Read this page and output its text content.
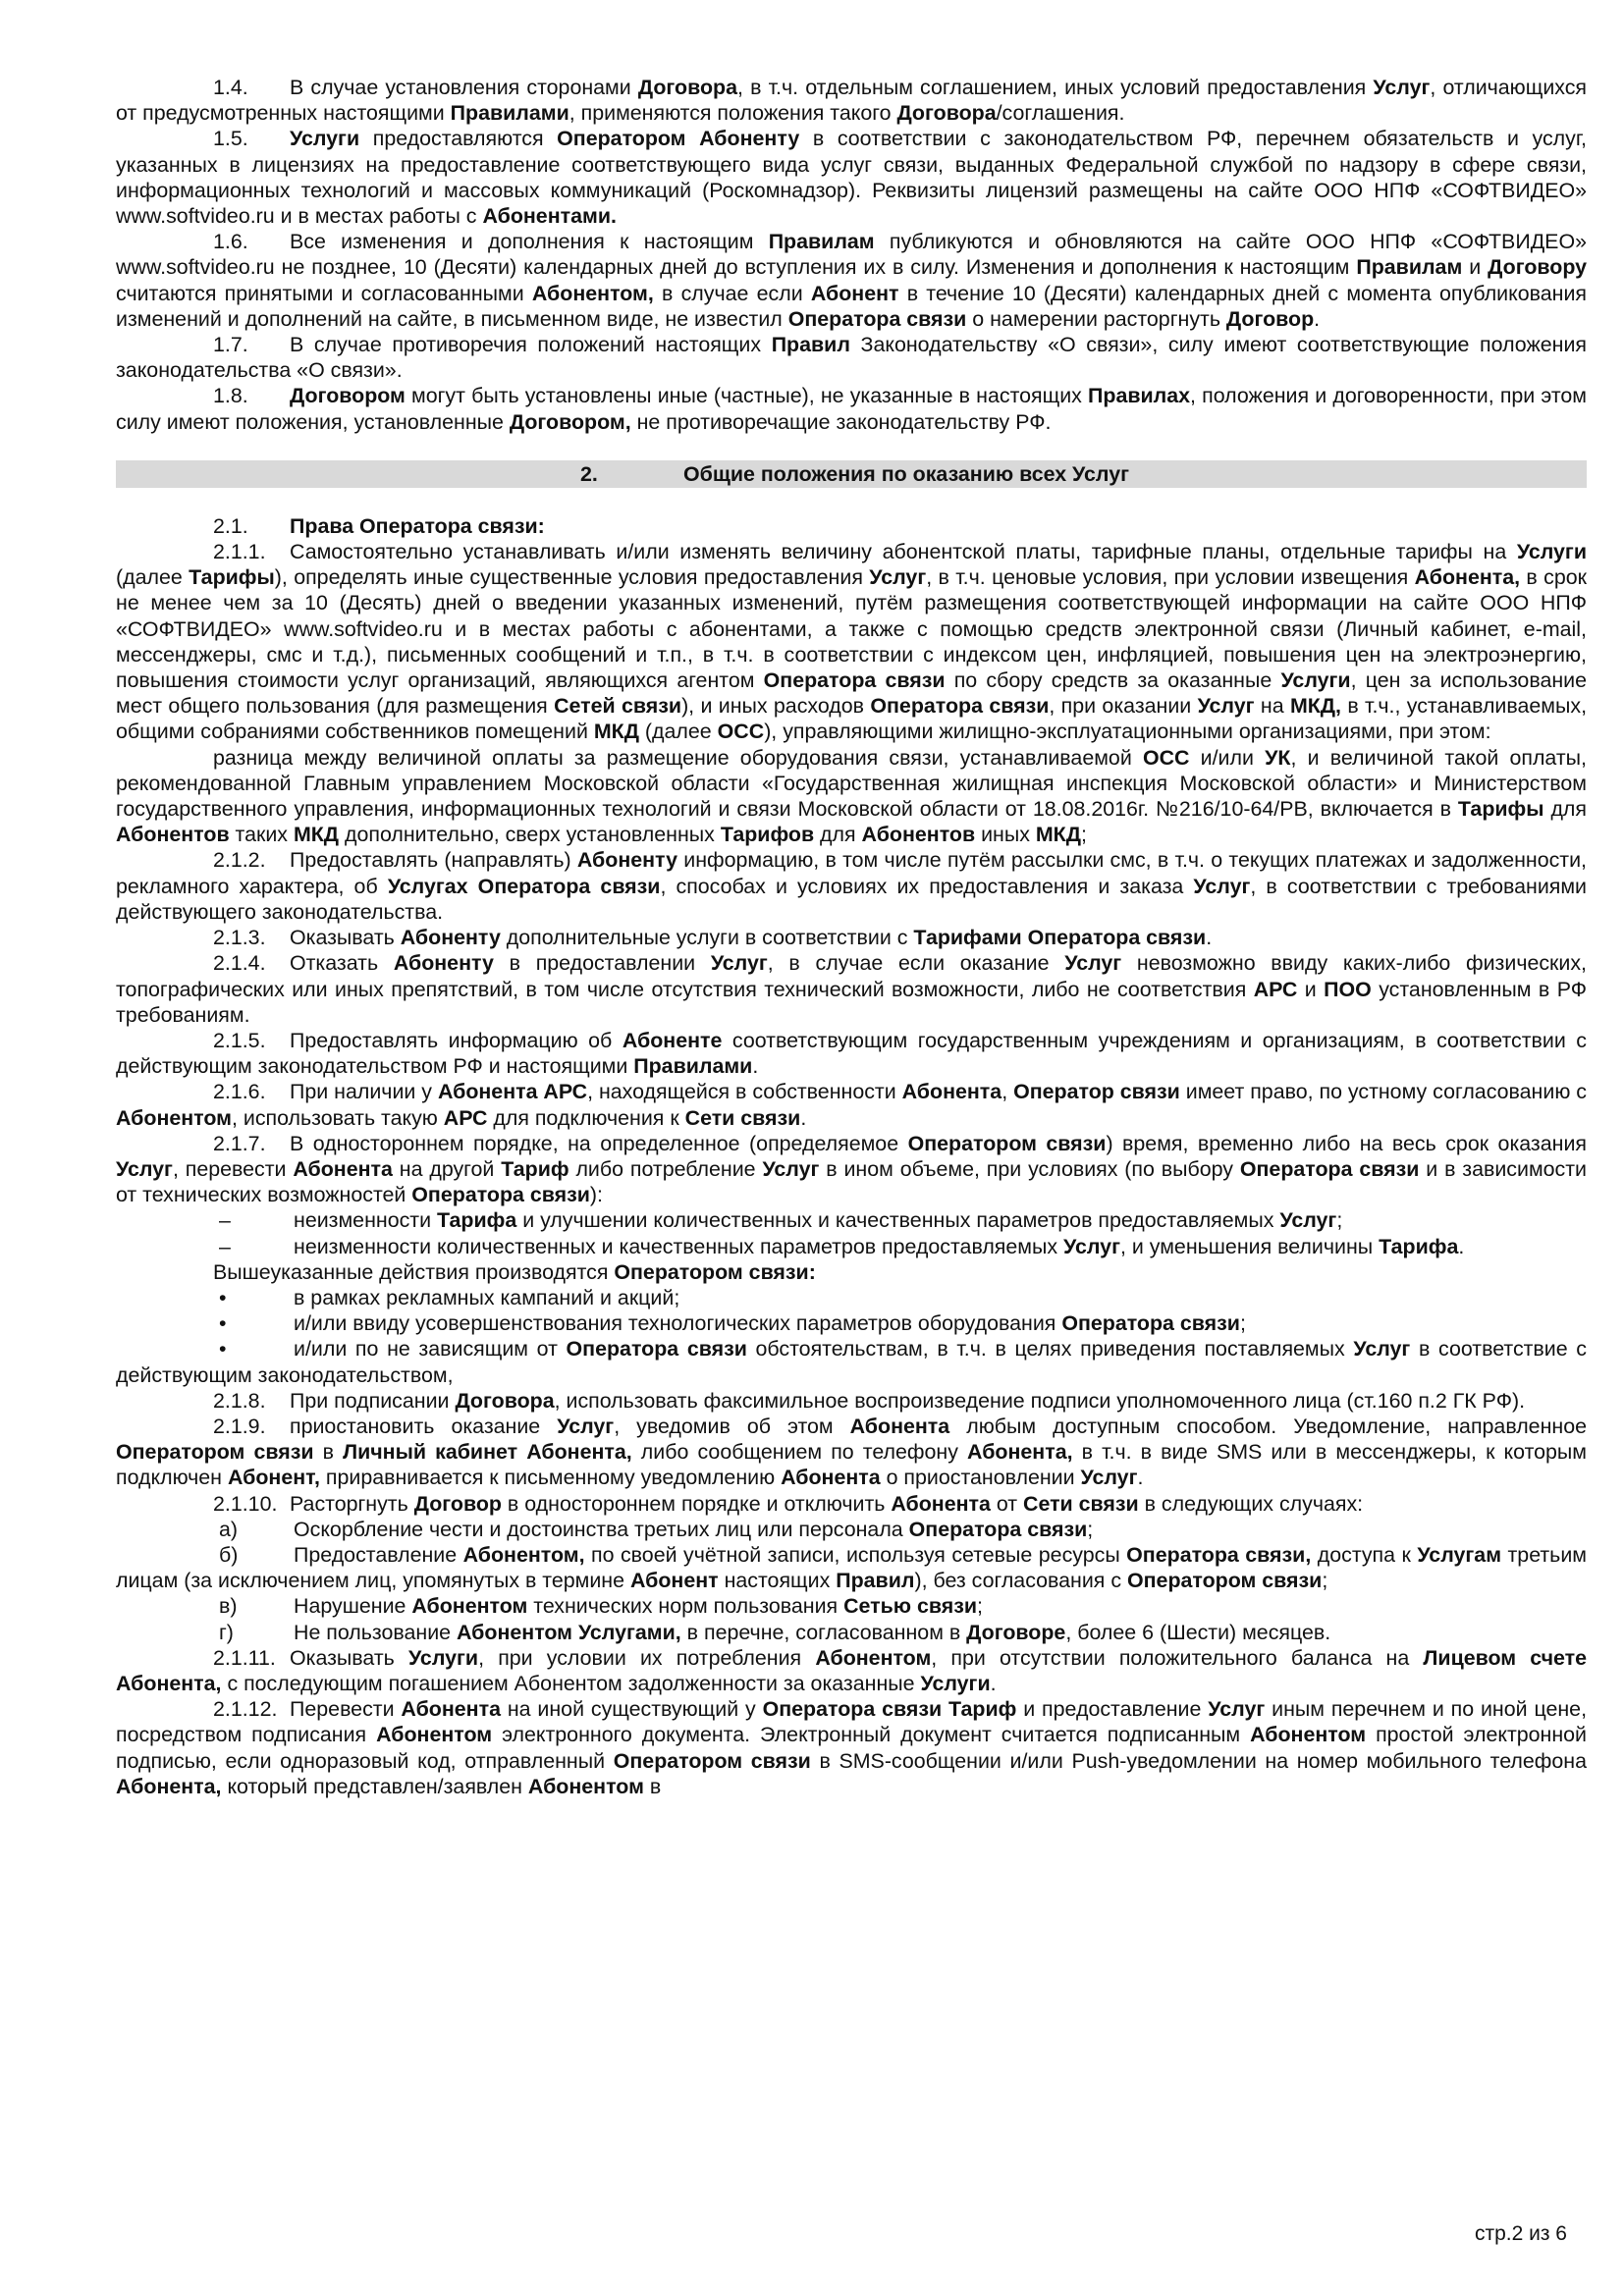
1.4. В случае установления сторонами Договора, в т.ч. отдельным соглашением, иных условий предоставления Услуг, отличающихся от предусмотренных настоящими Правилами, применяются положения такого Договора/соглашения.

1.5. Услуги предоставляются Оператором Абоненту в соответствии с законодательством РФ, перечнем обязательств и услуг, указанных в лицензиях на предоставление соответствующего вида услуг связи, выданных Федеральной службой по надзору в сфере связи, информационных технологий и массовых коммуникаций (Роскомнадзор). Реквизиты лицензий размещены на сайте ООО НПФ «СОФТВИДЕО» www.softvideo.ru и в местах работы с Абонентами.

1.6. Все изменения и дополнения к настоящим Правилам публикуются и обновляются на сайте ООО НПФ «СОФТВИДЕО» www.softvideo.ru не позднее, 10 (Десяти) календарных дней до вступления их в силу. Изменения и дополнения к настоящим Правилам и Договору считаются принятыми и согласованными Абонентом, в случае если Абонент в течение 10 (Десяти) календарных дней с момента опубликования изменений и дополнений на сайте, в письменном виде, не известил Оператора связи о намерении расторгнуть Договор.

1.7. В случае противоречия положений настоящих Правил Законодательству «О связи», силу имеют соответствующие положения законодательства «О связи».

1.8. Договором могут быть установлены иные (частные), не указанные в настоящих Правилах, положения и договоренности, при этом силу имеют положения, установленные Договором, не противоречащие законодательству РФ.

2.	Общие положения по оказанию всех Услуг

2.1. Права Оператора связи:

2.1.1. Самостоятельно устанавливать и/или изменять величину абонентской платы, тарифные планы, отдельные тарифы на Услуги (далее Тарифы), определять иные существенные условия предоставления Услуг, в т.ч. ценовые условия, при условии извещения Абонента, в срок не менее чем за 10 (Десять) дней о введении указанных изменений, путём размещения соответствующей информации на сайте ООО НПФ «СОФТВИДЕО» www.softvideo.ru и в местах работы с абонентами, а также с помощью средств электронной связи (Личный кабинет, e-mail, мессенджеры, смс и т.д.), письменных сообщений и т.п., в т.ч. в соответствии с индексом цен, инфляцией, повышения цен на электроэнергию, повышения стоимости услуг организаций, являющихся агентом Оператора связи по сбору средств за оказанные Услуги, цен за использование мест общего пользования (для размещения Сетей связи), и иных расходов Оператора связи, при оказании Услуг на МКД, в т.ч., устанавливаемых, общими собраниями собственников помещений МКД (далее ОСС), управляющими жилищно-эксплуатационными организациями, при этом:

разница между величиной оплаты за размещение оборудования связи, устанавливаемой ОСС и/или УК, и величиной такой оплаты, рекомендованной Главным управлением Московской области «Государственная жилищная инспекция Московской области» и Министерством государственного управления, информационных технологий и связи Московской области от 18.08.2016г. №216/10-64/РВ, включается в Тарифы для Абонентов таких МКД дополнительно, сверх установленных Тарифов для Абонентов иных МКД;

2.1.2. Предоставлять (направлять) Абоненту информацию, в том числе путём рассылки смс, в т.ч. о текущих платежах и задолженности, рекламного характера, об Услугах Оператора связи, способах и условиях их предоставления и заказа Услуг, в соответствии с требованиями действующего законодательства.

2.1.3. Оказывать Абоненту дополнительные услуги в соответствии с Тарифами Оператора связи.

2.1.4. Отказать Абоненту в предоставлении Услуг, в случае если оказание Услуг невозможно ввиду каких-либо физических, топографических или иных препятствий, в том числе отсутствия технический возможности, либо не соответствия АРС и ПОО установленным в РФ требованиям.

2.1.5. Предоставлять информацию об Абоненте соответствующим государственным учреждениям и организациям, в соответствии с действующим законодательством РФ и настоящими Правилами.

2.1.6. При наличии у Абонента АРС, находящейся в собственности Абонента, Оператор связи имеет право, по устному согласованию с Абонентом, использовать такую АРС для подключения к Сети связи.

2.1.7. В одностороннем порядке, на определенное (определяемое Оператором связи) время, временно либо на весь срок оказания Услуг, перевести Абонента на другой Тариф либо потребление Услуг в ином объеме, при условиях (по выбору Оператора связи и в зависимости от технических возможностей Оператора связи):

–	неизменности Тарифа и улучшении количественных и качественных параметров предоставляемых Услуг;

–	неизменности количественных и качественных параметров предоставляемых Услуг, и уменьшения величины Тарифа.

Вышеуказанные действия производятся Оператором связи:

•	в рамках рекламных кампаний и акций;

•	и/или ввиду усовершенствования технологических параметров оборудования Оператора связи;

•	и/или по не зависящим от Оператора связи обстоятельствам, в т.ч. в целях приведения поставляемых Услуг в соответствие с действующим законодательством,

2.1.8. При подписании Договора, использовать факсимильное воспроизведение подписи уполномоченного лица (ст.160 п.2 ГК РФ).

2.1.9. приостановить оказание Услуг, уведомив об этом Абонента любым доступным способом. Уведомление, направленное Оператором связи в Личный кабинет Абонента, либо сообщением по телефону Абонента, в т.ч. в виде SMS или в мессенджеры, к которым подключен Абонент, приравнивается к письменному уведомлению Абонента о приостановлении Услуг.

2.1.10. Расторгнуть Договор в одностороннем порядке и отключить Абонента от Сети связи в следующих случаях:

а)	Оскорбление чести и достоинства третьих лиц или персонала Оператора связи;

б)	Предоставление Абонентом, по своей учётной записи, используя сетевые ресурсы Оператора связи, доступа к Услугам третьим лицам (за исключением лиц, упомянутых в термине Абонент настоящих Правил), без согласования с Оператором связи;

в)	Нарушение Абонентом технических норм пользования Сетью связи;

г)	Не пользование Абонентом Услугами, в перечне, согласованном в Договоре, более 6 (Шести) месяцев.

2.1.11. Оказывать Услуги, при условии их потребления Абонентом, при отсутствии положительного баланса на Лицевом счете Абонента, с последующим погашением Абонентом задолженности за оказанные Услуги.

2.1.12. Перевести Абонента на иной существующий у Оператора связи Тариф и предоставление Услуг иным перечнем и по иной цене, посредством подписания Абонентом электронного документа. Электронный документ считается подписанным Абонентом простой электронной подписью, если одноразовый код, отправленный Оператором связи в SMS-сообщении и/или Push-уведомлении на номер мобильного телефона Абонента, который представлен/заявлен Абонентом в

стр.2 из 6
